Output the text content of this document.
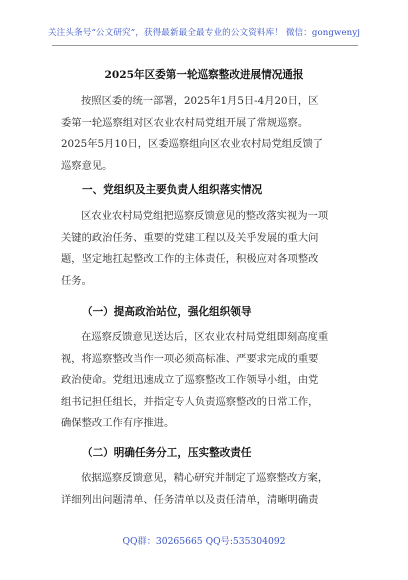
关注头条号“公文研究”，获得最新最全最专业的公文资料库！ 微信：gongwenyj
2025年区委第一轮巡察整改进展情况通报
按照区委的统一部署，2025年1月5日-4月20日，区
委第一轮巡察组对区农业农村局党组开展了常规巡察。
2025年5月10日，区委巡察组向区农业农村局党组反馈了
巡察意见。
一、党组织及主要负责人组织落实情况
区农业农村局党组把巡察反馈意见的整改落实视为一项
关键的政治任务、重要的党建工程以及关乎发展的重大问
题，坚定地扛起整改工作的主体责任，积极应对各项整改
任务。
（一）提高政治站位，强化组织领导
在巡察反馈意见送达后，区农业农村局党组即刻高度重
视，将巡察整改当作一项必须高标准、严要求完成的重要
政治使命。党组迅速成立了巡察整改工作领导小组，由党
组书记担任组长，并指定专人负责巡察整改的日常工作，
确保整改工作有序推进。
（二）明确任务分工，压实整改责任
依据巡察反馈意见，精心研究并制定了巡察整改方案，
详细列出问题清单、任务清单以及责任清单，清晰明确责
QQ群：30265665 QQ号:535304092
